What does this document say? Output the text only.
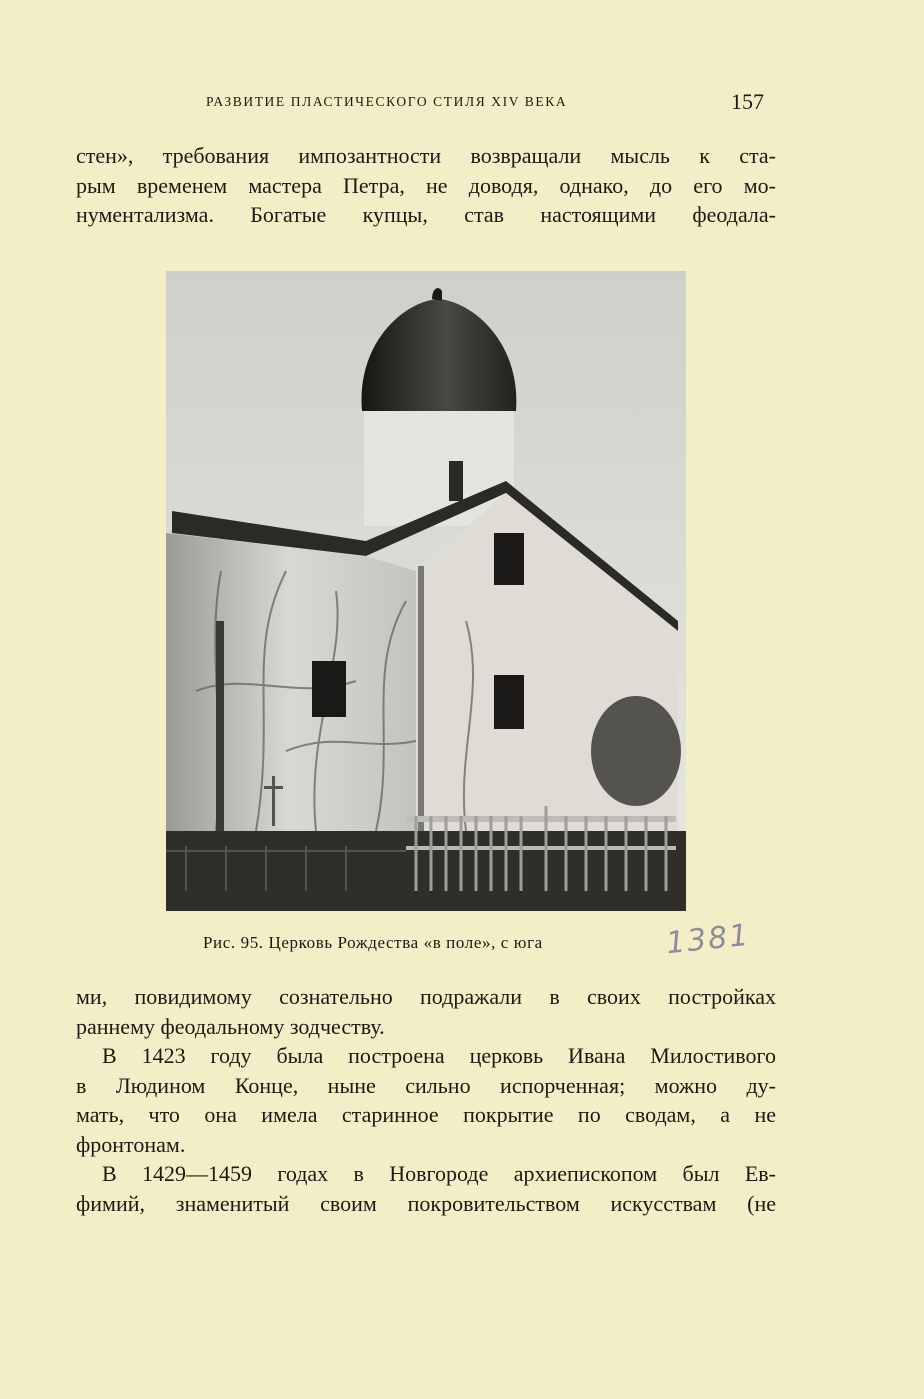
РАЗВИТИЕ ПЛАСТИЧЕСКОГО СТИЛЯ XIV ВЕКА	157
стен», требования импозантности возвращали мысль к ста-
рым временем мастера Петра, не доводя, однако, до его мо-
нументализма. Богатые купцы, став настоящими феодала-
Рис. 95. Церковь Рождества «в поле», с юга	1381
ми, повидимому сознательно подражали в своих постройках
раннему феодальному зодчеству.
В 1423 году была построена церковь Ивана Милостивого
в Людином Конце, ныне сильно испорченная; можно ду-
мать, что она имела старинное покрытие по сводам, а не
фронтонам.
В 1429—1459 годах в Новгороде архиепископом был Ев-
фимий, знаменитый своим покровительством искусствам (не
